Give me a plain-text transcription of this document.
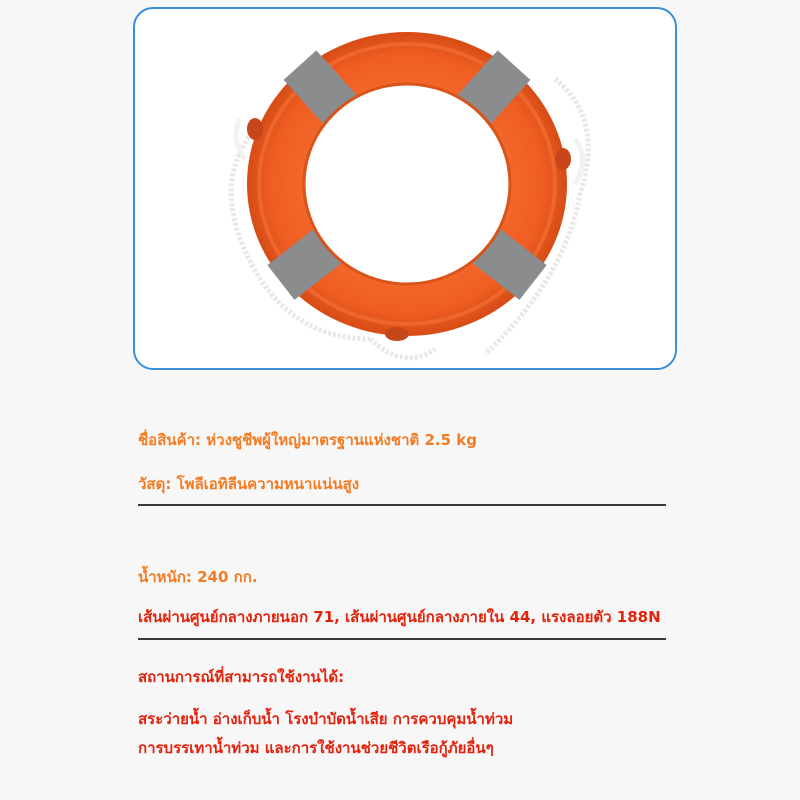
ชื่อสินค้า: ห่วงชูชีพผู้ใหญ่มาตรฐานแห่งชาติ 2.5 kg
วัสดุ: โพลีเอทิลีนความหนาแน่นสูง
น้ำหนัก: 240 กก.
เส้นผ่านศูนย์กลางภายนอก 71, เส้นผ่านศูนย์กลางภายใน 44, แรงลอยตัว 188N
สถานการณ์ที่สามารถใช้งานได้:
สระว่ายน้ำ อ่างเก็บน้ำ โรงบำบัดน้ำเสีย การควบคุมน้ำท่วม
การบรรเทาน้ำท่วม และการใช้งานช่วยชีวิตเรือกู้ภัยอื่นๆ
